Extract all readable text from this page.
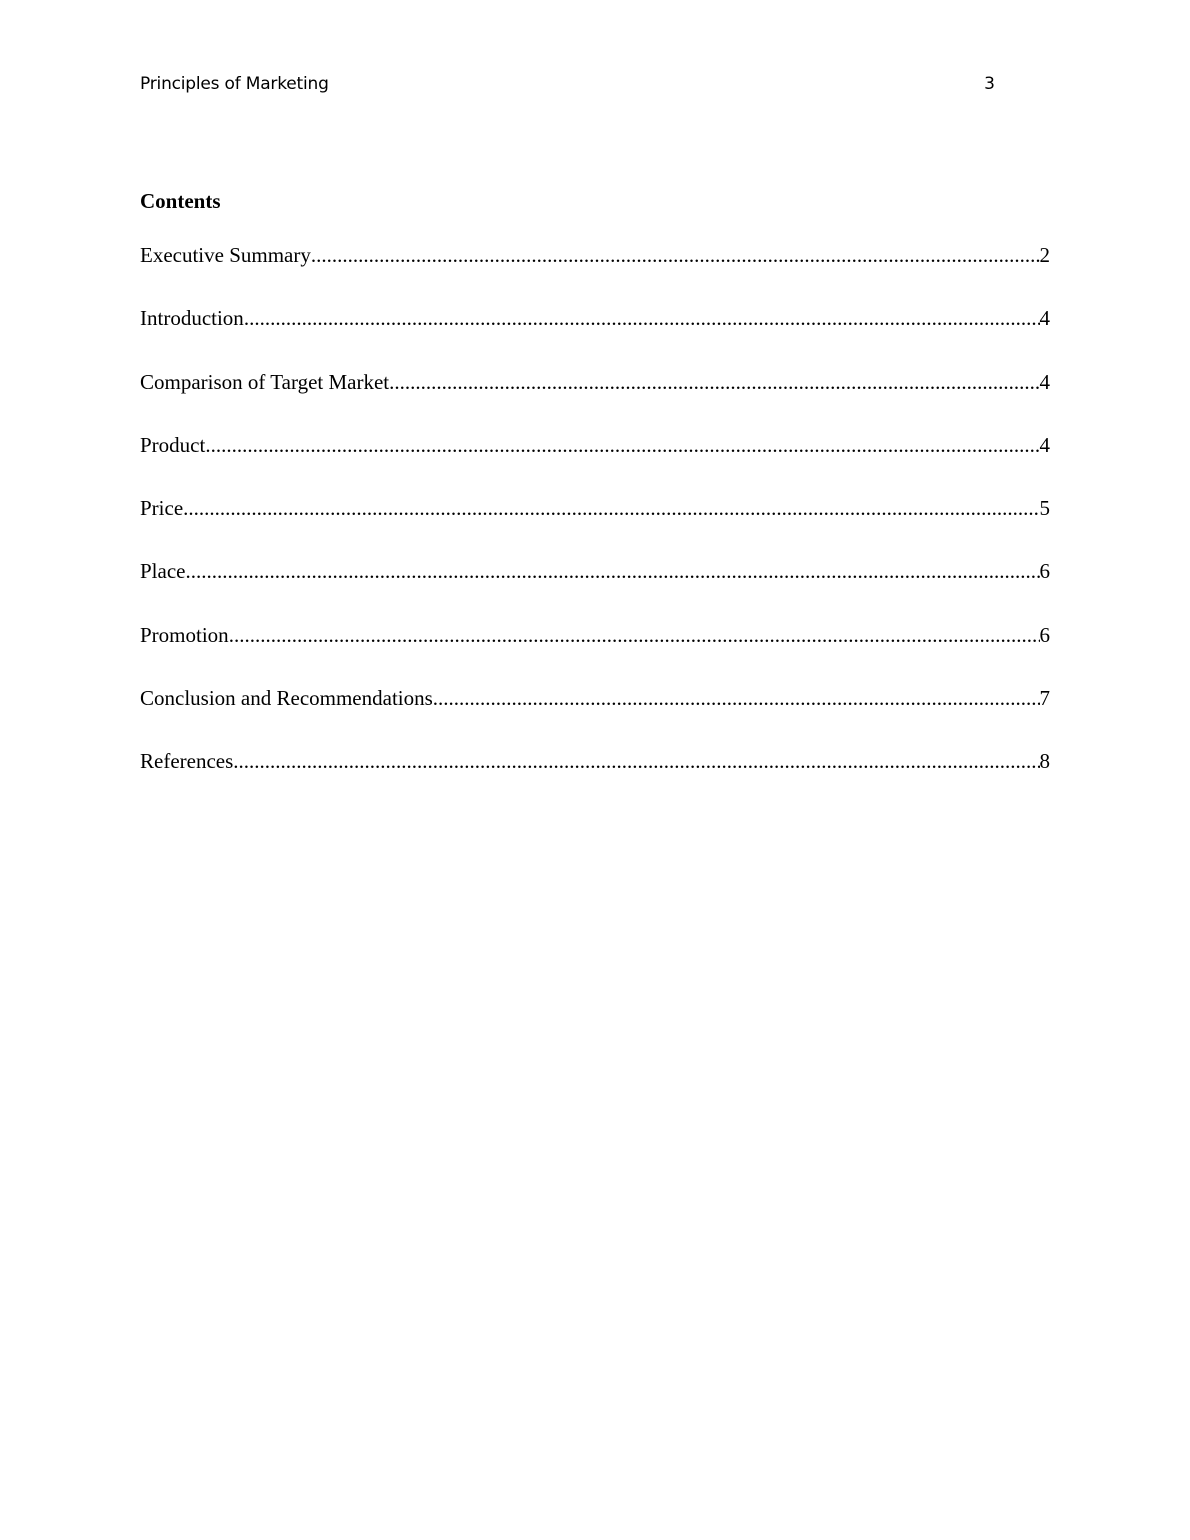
Principles of Marketing	3
Contents
Executive Summary .....	2
Introduction .....	4
Comparison of Target Market .....	4
Product .....	4
Price .....	5
Place .....	6
Promotion .....	6
Conclusion and Recommendations .....	7
References .....	8
